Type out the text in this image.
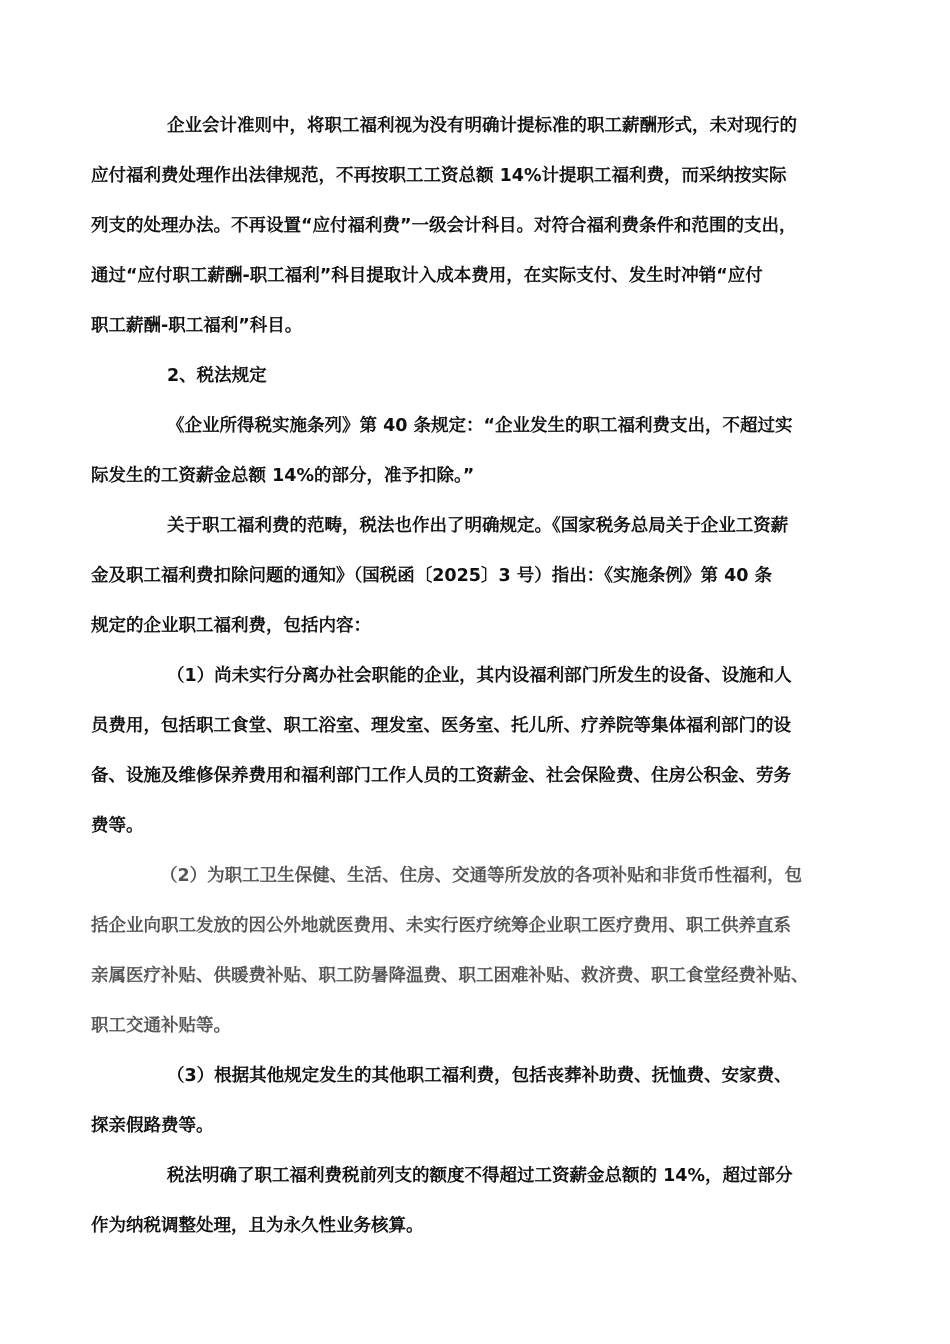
企业会计准则中，将职工福利视为没有明确计提标准的职工薪酬形式，未对现行的
应付福利费处理作出法律规范，不再按职工工资总额 14%计提职工福利费，而采纳按实际
列支的处理办法。不再设置“应付福利费”一级会计科目。对符合福利费条件和范围的支出，
通过“应付职工薪酬-职工福利”科目提取计入成本费用，在实际支付、发生时冲销“应付
职工薪酬-职工福利”科目。
2、税法规定
《企业所得税实施条列》第 40 条规定：“企业发生的职工福利费支出，不超过实
际发生的工资薪金总额 14%的部分，准予扣除。”
关于职工福利费的范畴，税法也作出了明确规定。《国家税务总局关于企业工资薪
金及职工福利费扣除问题的通知》（国税函〔2025〕3 号）指出：《实施条例》第 40 条
规定的企业职工福利费，包括内容：
（1）尚未实行分离办社会职能的企业，其内设福利部门所发生的设备、设施和人
员费用，包括职工食堂、职工浴室、理发室、医务室、托儿所、疗养院等集体福利部门的设
备、设施及维修保养费用和福利部门工作人员的工资薪金、社会保险费、住房公积金、劳务
费等。
（2）为职工卫生保健、生活、住房、交通等所发放的各项补贴和非货币性福利，包
括企业向职工发放的因公外地就医费用、未实行医疗统筹企业职工医疗费用、职工供养直系
亲属医疗补贴、供暖费补贴、职工防暑降温费、职工困难补贴、救济费、职工食堂经费补贴、
职工交通补贴等。
（3）根据其他规定发生的其他职工福利费，包括丧葬补助费、抚恤费、安家费、
探亲假路费等。
税法明确了职工福利费税前列支的额度不得超过工资薪金总额的 14%，超过部分
作为纳税调整处理，且为永久性业务核算。
